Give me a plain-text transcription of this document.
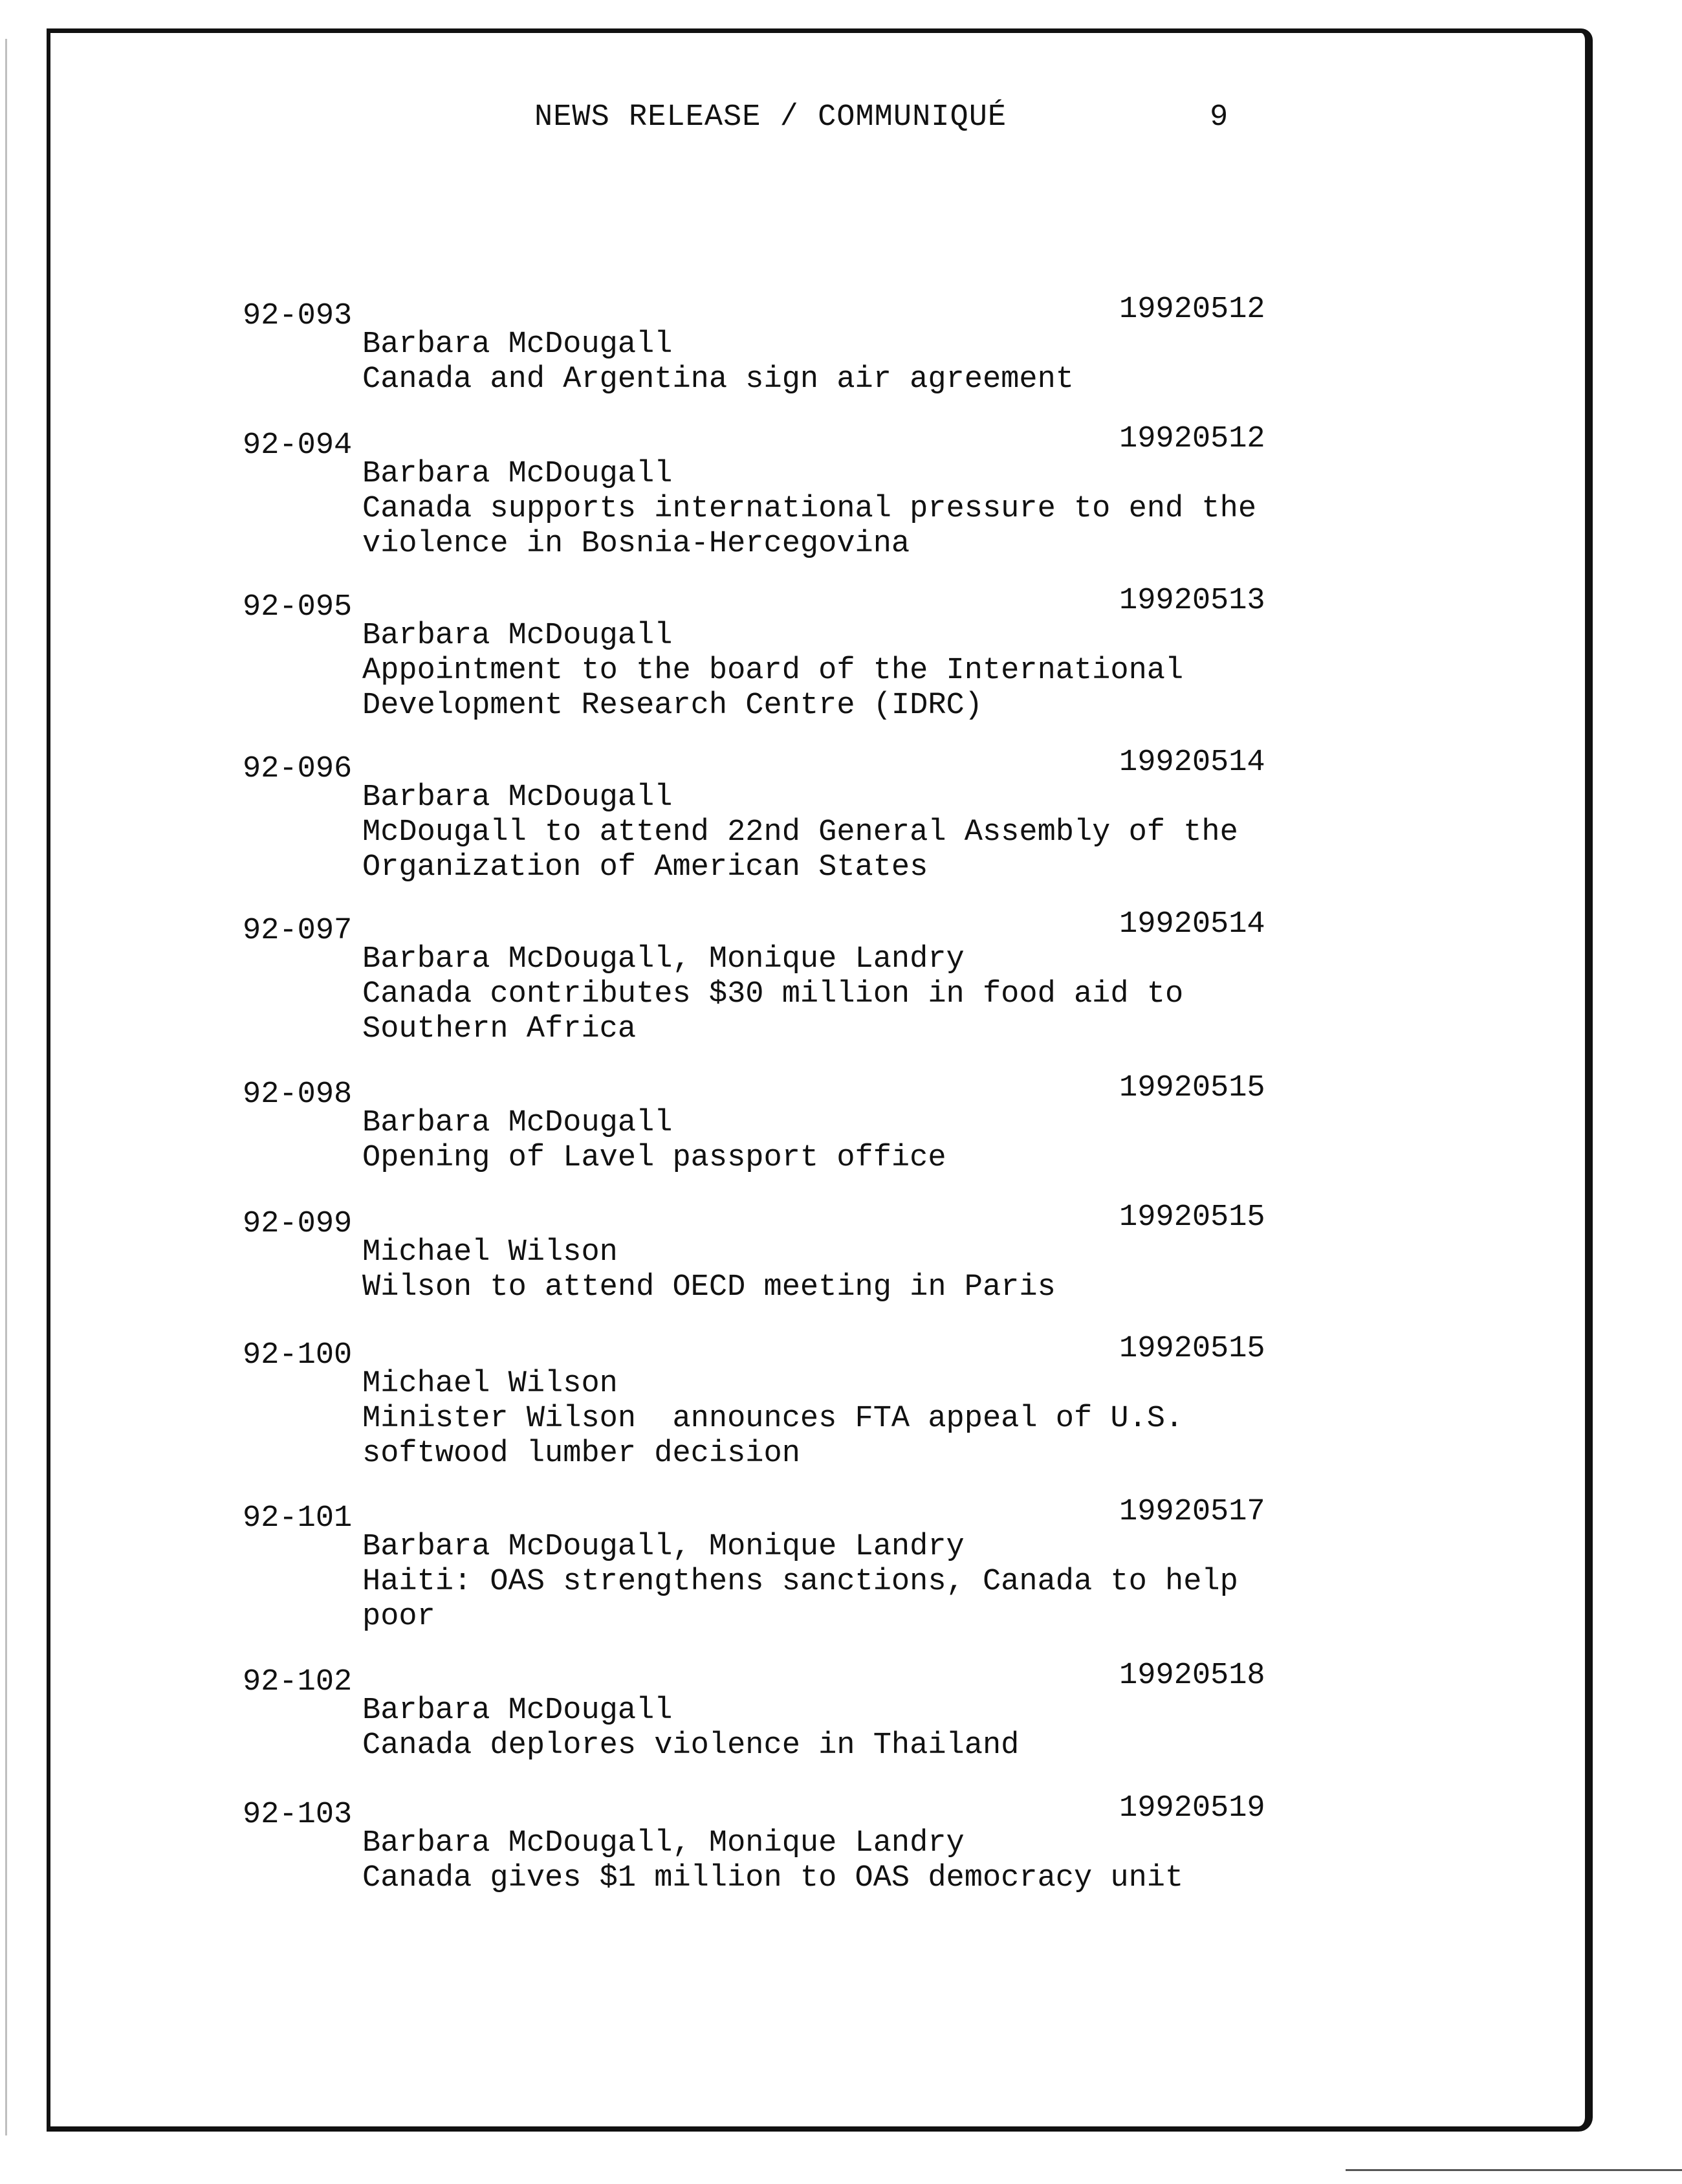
NEWS RELEASE / COMMUNIQUÉ	9
92-093	19920512
Barbara McDougall
Canada and Argentina sign air agreement
92-094	19920512
Barbara McDougall
Canada supports international pressure to end the
violence in Bosnia-Hercegovina
92-095	19920513
Barbara McDougall
Appointment to the board of the International
Development Research Centre (IDRC)
92-096	19920514
Barbara McDougall
McDougall to attend 22nd General Assembly of the
Organization of American States
92-097	19920514
Barbara McDougall, Monique Landry
Canada contributes $30 million in food aid to
Southern Africa
92-098	19920515
Barbara McDougall
Opening of Lavel passport office
92-099	19920515
Michael Wilson
Wilson to attend OECD meeting in Paris
92-100	19920515
Michael Wilson
Minister Wilson  announces FTA appeal of U.S.
softwood lumber decision
92-101	19920517
Barbara McDougall, Monique Landry
Haiti: OAS strengthens sanctions, Canada to help
poor
92-102	19920518
Barbara McDougall
Canada deplores violence in Thailand
92-103	19920519
Barbara McDougall, Monique Landry
Canada gives $1 million to OAS democracy unit
